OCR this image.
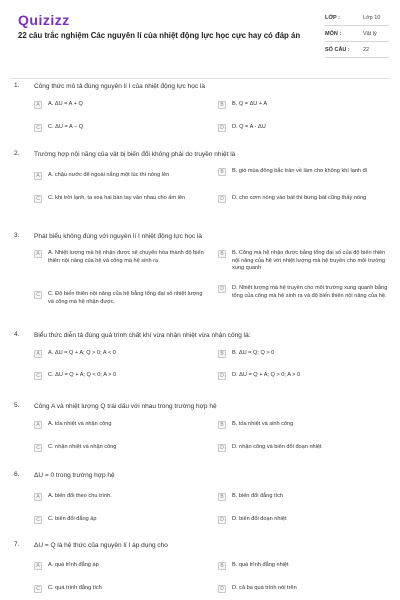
Quizizz
22 câu trắc nghiệm Các nguyên lí của nhiệt động lực học cực hay có đáp án
LỚP :	Lớp 10
MÔN :	Vật lý
SỐ CÂU :	22
1. Công thức mô tả đúng nguyên lí I của nhiệt động lực học là
A	A. ΔU = A + Q	B	B. Q = ΔU + A
C	C. ΔU = A − Q	D	D. Q = A - ΔU
2. Trường hợp nội năng của vật bị biến đổi không phải do truyền nhiệt là
A	A. chậu nước để ngoài nắng một lúc thì nóng lên	B	B. gió mùa đông bắc tràn về làm cho không khí lạnh đi
C	C. khi trời lạnh, ta xoa hai bàn tay vào nhau cho ấm lên	D	D. cho cơm nóng vào bát thì bưng bát cũng thấy nóng
3. Phát biểu không đúng với nguyên lí I nhiệt động lực học là
A	A. Nhiệt lượng mà hệ nhận được sẽ chuyển hóa thành độ biến thiên nội năng của hệ và công mà hệ sinh ra
B	B. Công mà hệ nhận được bằng tổng đại số của độ biến thiên nội năng của hệ với nhiệt lượng mà hệ truyền cho môi trường xung quanh
C	C. Độ biến thiên nội năng của hệ bằng tổng đại số nhiệt lượng và công mà hệ nhận được.
D	D. Nhiệt lượng mà hệ truyền cho môi trường xung quanh bằng tổng của công mà hệ sinh ra và độ biến thiên nội năng của hệ.
4. Biểu thức diễn tả đúng quá trình chất khí vừa nhận nhiệt vừa nhận công là:
A	A. ΔU = Q + A; Q > 0; A < 0	B	B. ΔU = Q; Q > 0
C	C. ΔU = Q + A; Q < 0; A > 0	D	D. ΔU = Q + A; Q > 0; A > 0
5. Công A và nhiệt lượng Q trái dấu với nhau trong trường hợp hệ
A	A. tỏa nhiệt và nhận công	B	B. tỏa nhiệt và sinh công
C	C. nhận nhiệt và nhận công	D	D. nhận công và biến đổi đoạn nhiệt
6. ΔU = 0 trong trường hợp hệ
A	A. biến đổi theo chu trình.	B	B. biến đổi đẳng tích
C	C. biến đổi đẳng áp	D	D. biến đổi đoạn nhiệt
7. ΔU = Q là hệ thức của nguyên lí I áp dụng cho
A	A. quá trình đẳng áp	B	B. quá trình đẳng nhiệt
C	C. quá trình đẳng tích	D	D. cả ba quá trình nói trên
